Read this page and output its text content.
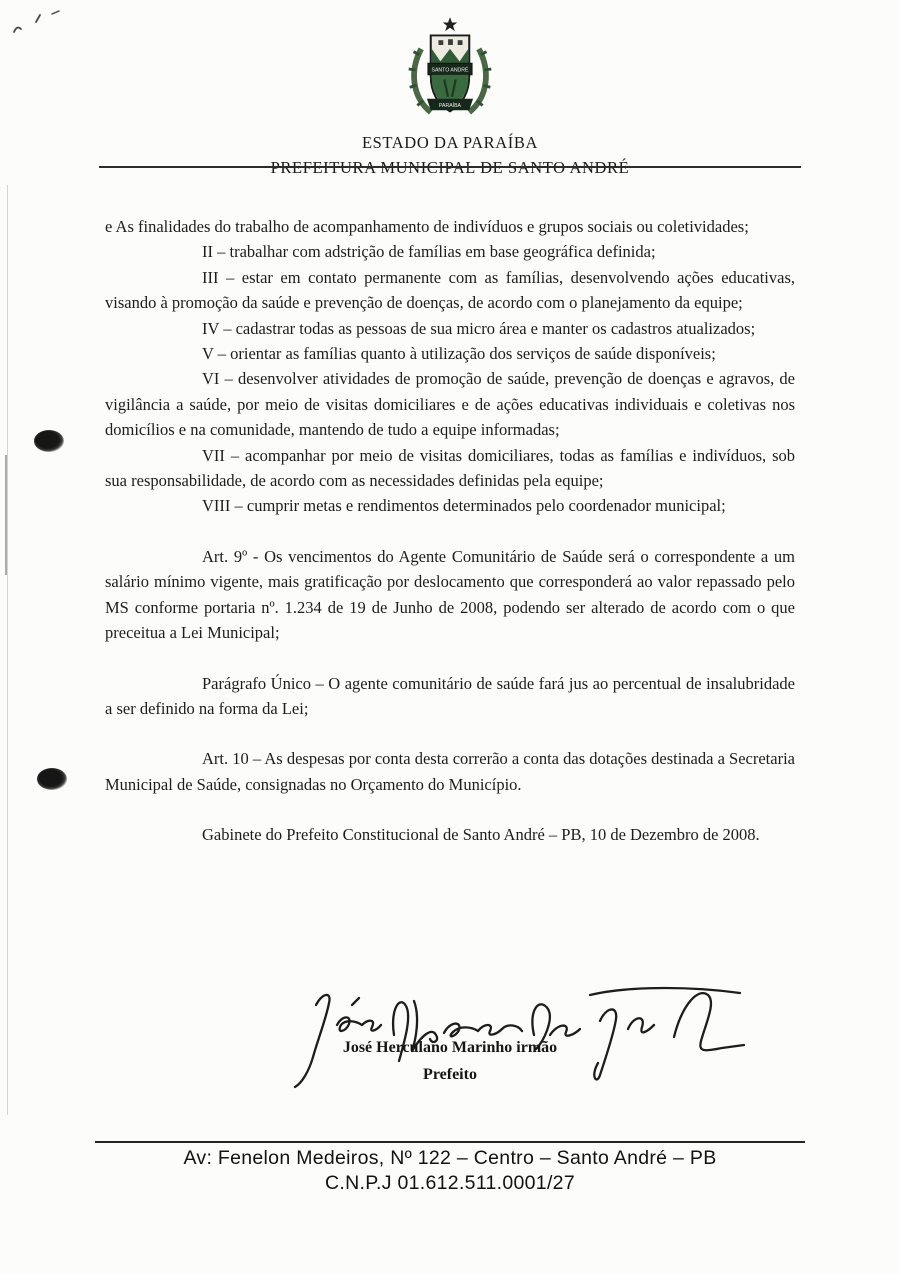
SANTO ANDRÉ
PARAÍBA
ESTADO DA PARAÍBA

e As finalidades do trabalho de acompanhamento de indivíduos e grupos sociais ou coletividades;

II – trabalhar com adstrição de famílias em base geográfica definida;

III – estar em contato permanente com as famílias, desenvolvendo ações educativas, visando à promoção da saúde e prevenção de doenças, de acordo com o planejamento da equipe;

IV – cadastrar todas as pessoas de sua micro área e manter os cadastros atualizados;

V – orientar as famílias quanto à utilização dos serviços de saúde disponíveis;

VI – desenvolver atividades de promoção de saúde, prevenção de doenças e agravos, de vigilância a saúde, por meio de visitas domiciliares e de ações educativas individuais e coletivas nos domicílios e na comunidade, mantendo de tudo a equipe informadas;

VII – acompanhar por meio de visitas domiciliares, todas as famílias e indivíduos, sob sua responsabilidade, de acordo com as necessidades definidas pela equipe;

VIII – cumprir metas e rendimentos determinados pelo coordenador municipal;

Art. 9º - Os vencimentos do Agente Comunitário de Saúde será o correspondente a um salário mínimo vigente, mais gratificação por deslocamento que corresponderá ao valor repassado pelo MS conforme portaria nº. 1.234 de 19 de Junho de 2008, podendo ser alterado de acordo com o que preceitua a Lei Municipal;

Parágrafo Único – O agente comunitário de saúde fará jus ao percentual de insalubridade a ser definido na forma da Lei;

Art. 10 – As despesas por conta desta correrão a conta das dotações destinada a Secretaria Municipal de Saúde, consignadas no Orçamento do Município.

Gabinete do Prefeito Constitucional de Santo André – PB, 10 de Dezembro de 2008.

José Herculano Marinho irmão
Prefeito
Av: Fenelon Medeiros, Nº 122 – Centro – Santo André – PB
C.N.P.J 01.612.511.0001/27
